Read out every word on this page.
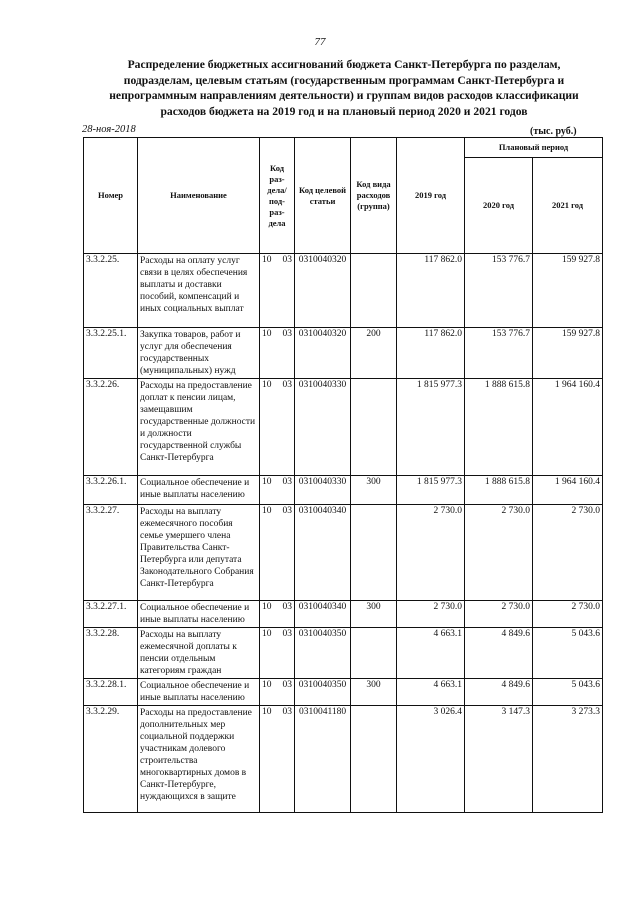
77
Распределение бюджетных ассигнований бюджета Санкт-Петербурга по разделам, подразделам, целевым статьям (государственным программам Санкт-Петербурга и непрограммным направлениям деятельности) и группам видов расходов классификации расходов бюджета на 2019 год и на плановый период 2020 и 2021 годов
28-ноя-2018	(тыс. руб.)
Номер	Наименование	Код раз-дела/ под-раз-дела		Код целевой статьи	Код вида расходов (группа)	2019 год	Плановый период	
							2020 год	2021 год
3.3.2.25.	Расходы на оплату услуг связи в целях обеспечения выплаты и доставки пособий, компенсаций и иных социальных выплат	10	03	0310040320		117 862.0	153 776.7	159 927.8
3.3.2.25.1.	Закупка товаров, работ и услуг для обеспечения государственных (муниципальных) нужд	10	03	0310040320	200	117 862.0	153 776.7	159 927.8
3.3.2.26.	Расходы на предоставление доплат к пенсии лицам, замещавшим государственные должности и должности государственной службы Санкт-Петербурга	10	03	0310040330		1 815 977.3	1 888 615.8	1 964 160.4
3.3.2.26.1.	Социальное обеспечение и иные выплаты населению	10	03	0310040330	300	1 815 977.3	1 888 615.8	1 964 160.4
3.3.2.27.	Расходы на выплату ежемесячного пособия семье умершего члена Правительства Санкт-Петербурга или депутата Законодательного Собрания Санкт-Петербурга	10	03	0310040340		2 730.0	2 730.0	2 730.0
3.3.2.27.1.	Социальное обеспечение и иные выплаты населению	10	03	0310040340	300	2 730.0	2 730.0	2 730.0
3.3.2.28.	Расходы на выплату ежемесячной доплаты к пенсии отдельным категориям граждан	10	03	0310040350		4 663.1	4 849.6	5 043.6
3.3.2.28.1.	Социальное обеспечение и иные выплаты населению	10	03	0310040350	300	4 663.1	4 849.6	5 043.6
3.3.2.29.	Расходы на предоставление дополнительных мер социальной поддержки участникам долевого строительства многоквартирных домов в Санкт-Петербурге, нуждающихся в защите	10	03	0310041180		3 026.4	3 147.3	3 273.3
